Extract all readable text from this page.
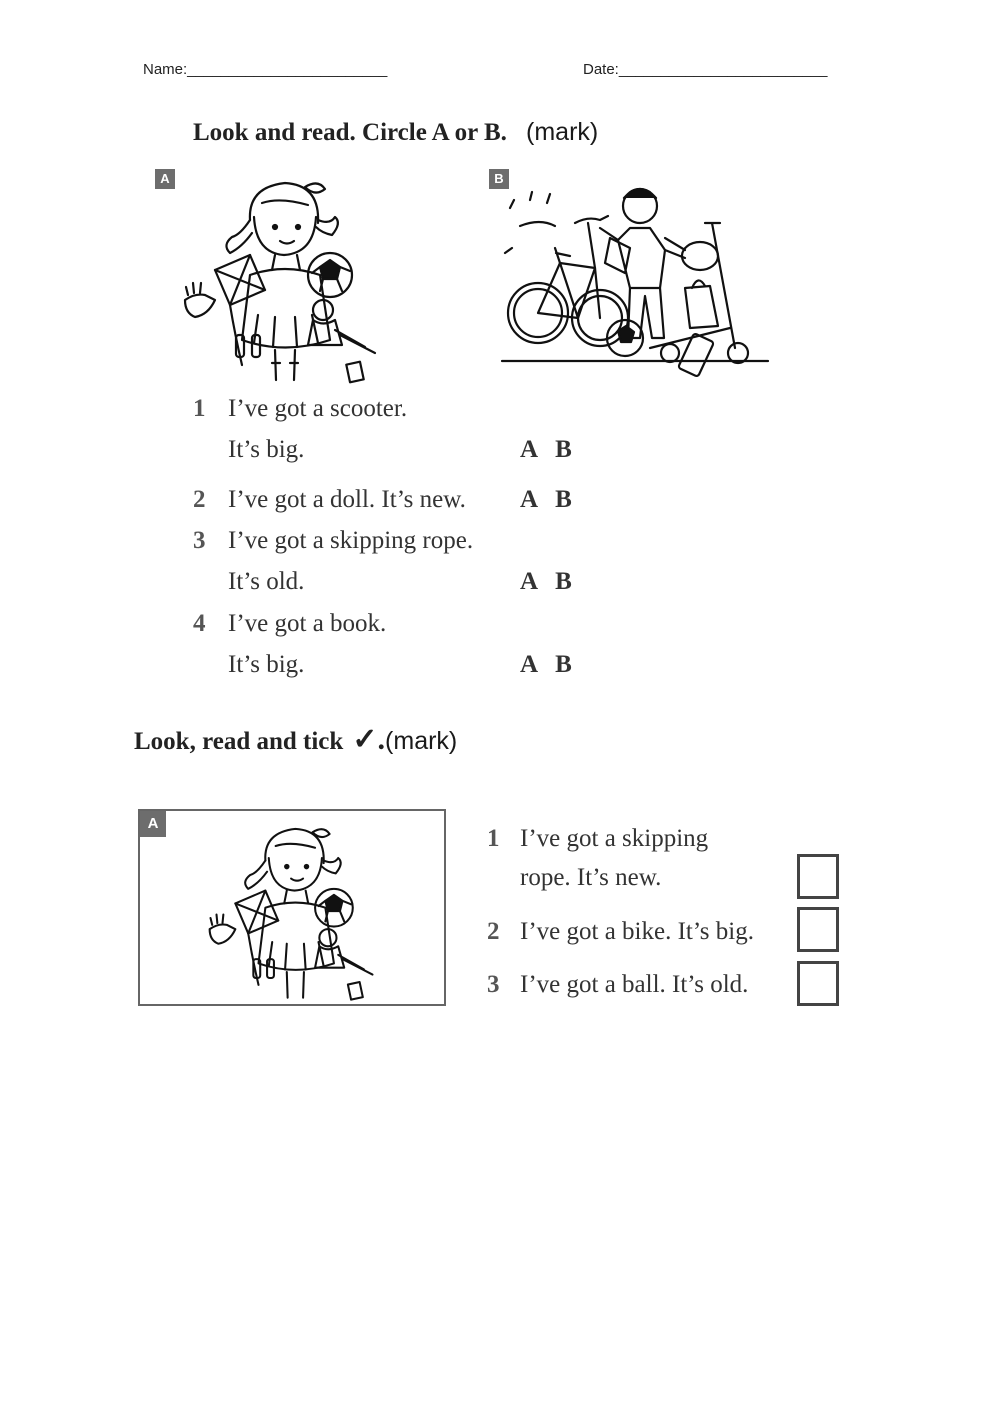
Name:________________________	Date:_________________________
Look and read. Circle A or B. (mark)
A	B
1 I’ve got a scooter.
It’s big.	A B
2 I’ve got a doll. It’s new. A B
3 I’ve got a skipping rope.
It’s old.	A B
4 I’ve got a book.
It’s big.	A B
Look, read and tick ✓.(mark)
A
1 I’ve got a skipping
rope. It’s new.
2 I’ve got a bike. It’s big.
3 I’ve got a ball. It’s old.
